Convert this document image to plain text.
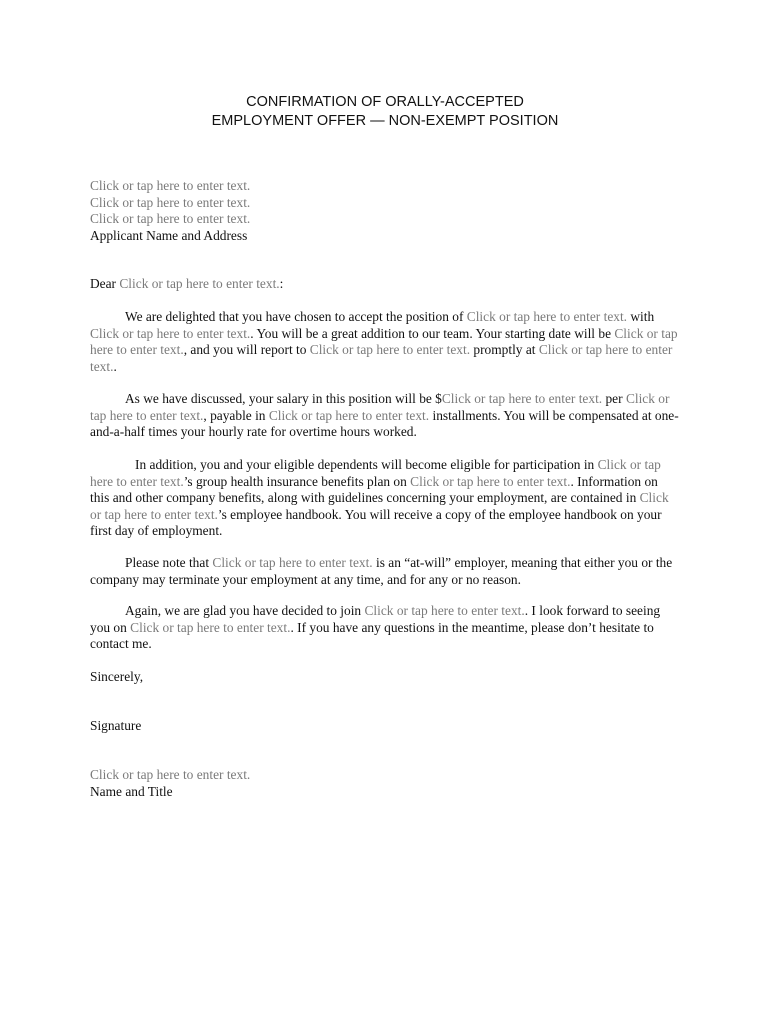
CONFIRMATION OF ORALLY-ACCEPTED
EMPLOYMENT OFFER — NON-EXEMPT POSITION
Click or tap here to enter text.
Click or tap here to enter text.
Click or tap here to enter text.
Applicant Name and Address
Dear Click or tap here to enter text.:
We are delighted that you have chosen to accept the position of Click or tap here to enter text. with Click or tap here to enter text.. You will be a great addition to our team. Your starting date will be Click or tap here to enter text., and you will report to Click or tap here to enter text. promptly at Click or tap here to enter text..
As we have discussed, your salary in this position will be $Click or tap here to enter text. per Click or tap here to enter text., payable in Click or tap here to enter text. installments. You will be compensated at one-and-a-half times your hourly rate for overtime hours worked.
In addition, you and your eligible dependents will become eligible for participation in Click or tap here to enter text.’s group health insurance benefits plan on Click or tap here to enter text.. Information on this and other company benefits, along with guidelines concerning your employment, are contained in Click or tap here to enter text.’s employee handbook. You will receive a copy of the employee handbook on your first day of employment.
Please note that Click or tap here to enter text. is an “at-will” employer, meaning that either you or the company may terminate your employment at any time, and for any or no reason.
Again, we are glad you have decided to join Click or tap here to enter text.. I look forward to seeing you on Click or tap here to enter text.. If you have any questions in the meantime, please don’t hesitate to contact me.
Sincerely,
Signature
Click or tap here to enter text.
Name and Title
